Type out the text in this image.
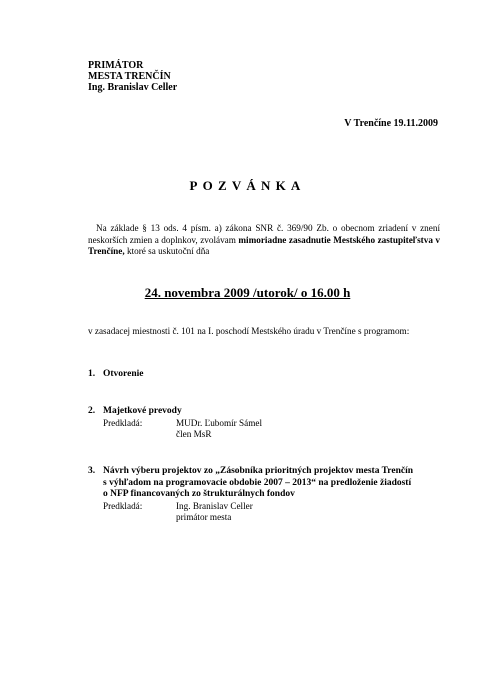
PRIMÁTOR
MESTA TRENČÍN
Ing. Branislav Celler
V Trenčíne 19.11.2009
POZVÁNKA
Na základe § 13 ods. 4 písm. a) zákona SNR č. 369/90 Zb. o obecnom zriadení v znení neskorších zmien a doplnkov, zvolávam mimoriadne zasadnutie Mestského zastupiteľstva v Trenčíne, ktoré sa uskutoční dňa
24. novembra 2009 /utorok/ o 16.00 h
v zasadacej miestnosti č. 101 na I. poschodí Mestského úradu v Trenčíne s programom:
1. Otvorenie
2. Majetkové prevody
Predkladá:	MUDr. Ľubomír Sámel
člen MsR
3. Návrh výberu projektov zo „Zásobníka prioritných projektov mesta Trenčín
s výhľadom na programovacie obdobie 2007 – 2013“ na predloženie žiadostí
o NFP financovaných zo štrukturálnych fondov
Predkladá:	Ing. Branislav Celler
primátor mesta
